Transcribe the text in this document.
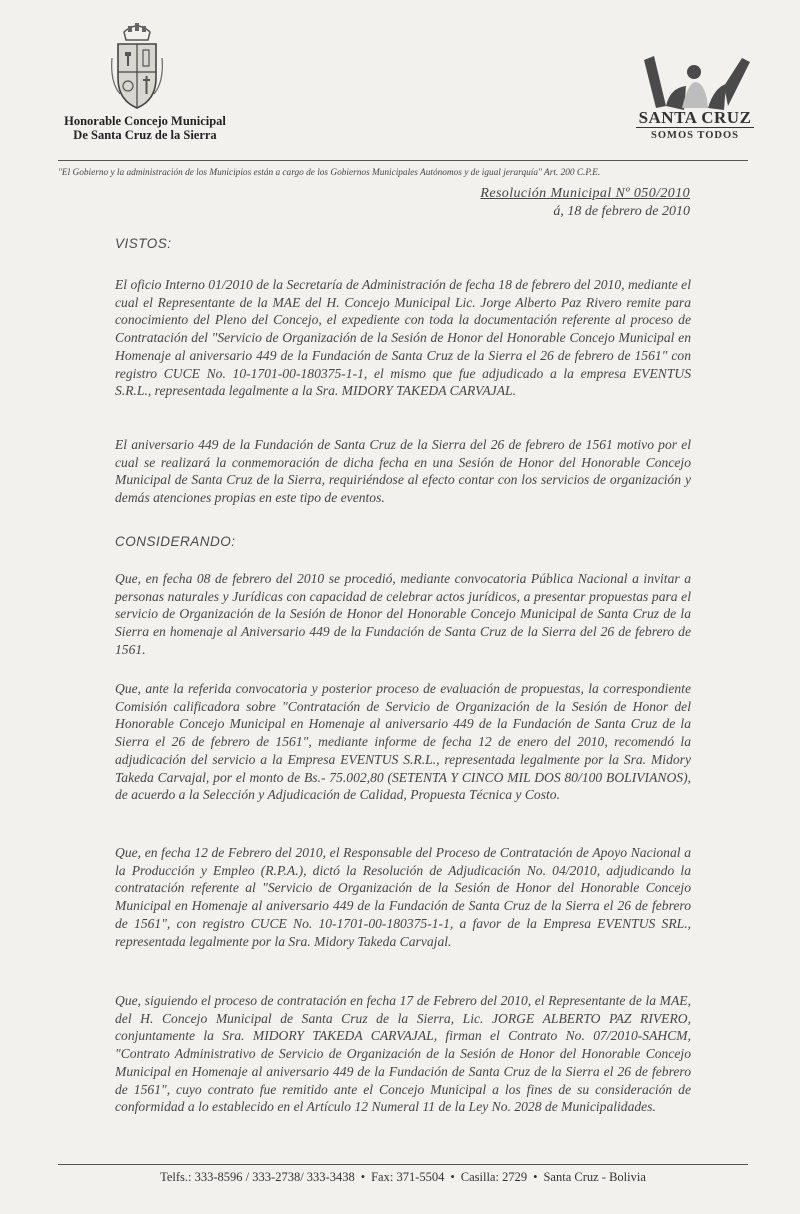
Honorable Concejo Municipal
De Santa Cruz de la Sierra
SANTA CRUZ
SOMOS TODOS
"El Gobierno y la administración de los Municipios están a cargo de los Gobiernos Municipales Autónomos y de igual jerarquía" Art. 200 C.P.E.
Resolución Municipal Nº 050/2010
á, 18 de febrero de 2010
VISTOS:

El oficio Interno 01/2010 de la Secretaría de Administración de fecha 18 de febrero del 2010, mediante el cual el Representante de la MAE del H. Concejo Municipal Lic. Jorge Alberto Paz Rivero remite para conocimiento del Pleno del Concejo, el expediente con toda la documentación referente al proceso de Contratación del "Servicio de Organización de la Sesión de Honor del Honorable Concejo Municipal en Homenaje al aniversario 449 de la Fundación de Santa Cruz de la Sierra el 26 de febrero de 1561" con registro CUCE No. 10-1701-00-180375-1-1, el mismo que fue adjudicado a la empresa EVENTUS S.R.L., representada legalmente a la Sra. MIDORY TAKEDA CARVAJAL.

El aniversario 449 de la Fundación de Santa Cruz de la Sierra del 26 de febrero de 1561 motivo por el cual se realizará la conmemoración de dicha fecha en una Sesión de Honor del Honorable Concejo Municipal de Santa Cruz de la Sierra, requiriéndose al efecto contar con los servicios de organización y demás atenciones propias en este tipo de eventos.

CONSIDERANDO:

Que, en fecha 08 de febrero del 2010 se procedió, mediante convocatoria Pública Nacional a invitar a personas naturales y Jurídicas con capacidad de celebrar actos jurídicos, a presentar propuestas para el servicio de Organización de la Sesión de Honor del Honorable Concejo Municipal de Santa Cruz de la Sierra en homenaje al Aniversario 449 de la Fundación de Santa Cruz de la Sierra del 26 de febrero de 1561.

Que, ante la referida convocatoria y posterior proceso de evaluación de propuestas, la correspondiente Comisión calificadora sobre "Contratación de Servicio de Organización de la Sesión de Honor del Honorable Concejo Municipal en Homenaje al aniversario 449 de la Fundación de Santa Cruz de la Sierra el 26 de febrero de 1561", mediante informe de fecha 12 de enero del 2010, recomendó la adjudicación del servicio a la Empresa EVENTUS S.R.L., representada legalmente por la Sra. Midory Takeda Carvajal, por el monto de Bs.- 75.002,80 (SETENTA Y CINCO MIL DOS 80/100 BOLIVIANOS), de acuerdo a la Selección y Adjudicación de Calidad, Propuesta Técnica y Costo.

Que, en fecha 12 de Febrero del 2010, el Responsable del Proceso de Contratación de Apoyo Nacional a la Producción y Empleo (R.P.A.), dictó la Resolución de Adjudicación No. 04/2010, adjudicando la contratación referente al "Servicio de Organización de la Sesión de Honor del Honorable Concejo Municipal en Homenaje al aniversario 449 de la Fundación de Santa Cruz de la Sierra el 26 de febrero de 1561", con registro CUCE No. 10-1701-00-180375-1-1, a favor de la Empresa EVENTUS SRL., representada legalmente por la Sra. Midory Takeda Carvajal.

Que, siguiendo el proceso de contratación en fecha 17 de Febrero del 2010, el Representante de la MAE, del H. Concejo Municipal de Santa Cruz de la Sierra, Lic. JORGE ALBERTO PAZ RIVERO, conjuntamente la Sra. MIDORY TAKEDA CARVAJAL, firman el Contrato No. 07/2010-SAHCM, "Contrato Administrativo de Servicio de Organización de la Sesión de Honor del Honorable Concejo Municipal en Homenaje al aniversario 449 de la Fundación de Santa Cruz de la Sierra el 26 de febrero de 1561", cuyo contrato fue remitido ante el Concejo Municipal a los fines de su consideración de conformidad a lo establecido en el Artículo 12 Numeral 11 de la Ley No. 2028 de Municipalidades.

Telfs.: 333-8596 / 333-2738/ 333-3438 • Fax: 371-5504 • Casilla: 2729 • Santa Cruz - Bolivia
